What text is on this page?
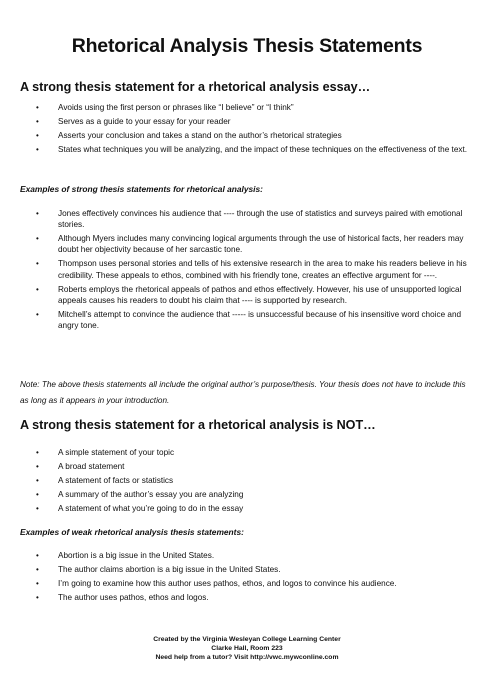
Rhetorical Analysis Thesis Statements
A strong thesis statement for a rhetorical analysis essay…
• Avoids using the first person or phrases like “I believe” or “I think”
• Serves as a guide to your essay for your reader
• Asserts your conclusion and takes a stand on the author’s rhetorical strategies
• States what techniques you will be analyzing, and the impact of these techniques on the effectiveness of the text.
Examples of strong thesis statements for rhetorical analysis:
• Jones effectively convinces his audience that ---- through the use of statistics and surveys paired with emotional stories.
• Although Myers includes many convincing logical arguments through the use of historical facts, her readers may doubt her objectivity because of her sarcastic tone.
• Thompson uses personal stories and tells of his extensive research in the area to make his readers believe in his credibility. These appeals to ethos, combined with his friendly tone, creates an effective argument for ----.
• Roberts employs the rhetorical appeals of pathos and ethos effectively. However, his use of unsupported logical appeals causes his readers to doubt his claim that ---- is supported by research.
• Mitchell’s attempt to convince the audience that ----- is unsuccessful because of his insensitive word choice and angry tone.
Note: The above thesis statements all include the original author’s purpose/thesis. Your thesis does not have to include this as long as it appears in your introduction.
A strong thesis statement for a rhetorical analysis is NOT…
• A simple statement of your topic
• A broad statement
• A statement of facts or statistics
• A summary of the author’s essay you are analyzing
• A statement of what you’re going to do in the essay
Examples of weak rhetorical analysis thesis statements:
• Abortion is a big issue in the United States.
• The author claims abortion is a big issue in the United States.
• I’m going to examine how this author uses pathos, ethos, and logos to convince his audience.
• The author uses pathos, ethos and logos.
Created by the Virginia Wesleyan College Learning Center
Clarke Hall, Room 223
Need help from a tutor? Visit http://vwc.mywconline.com
